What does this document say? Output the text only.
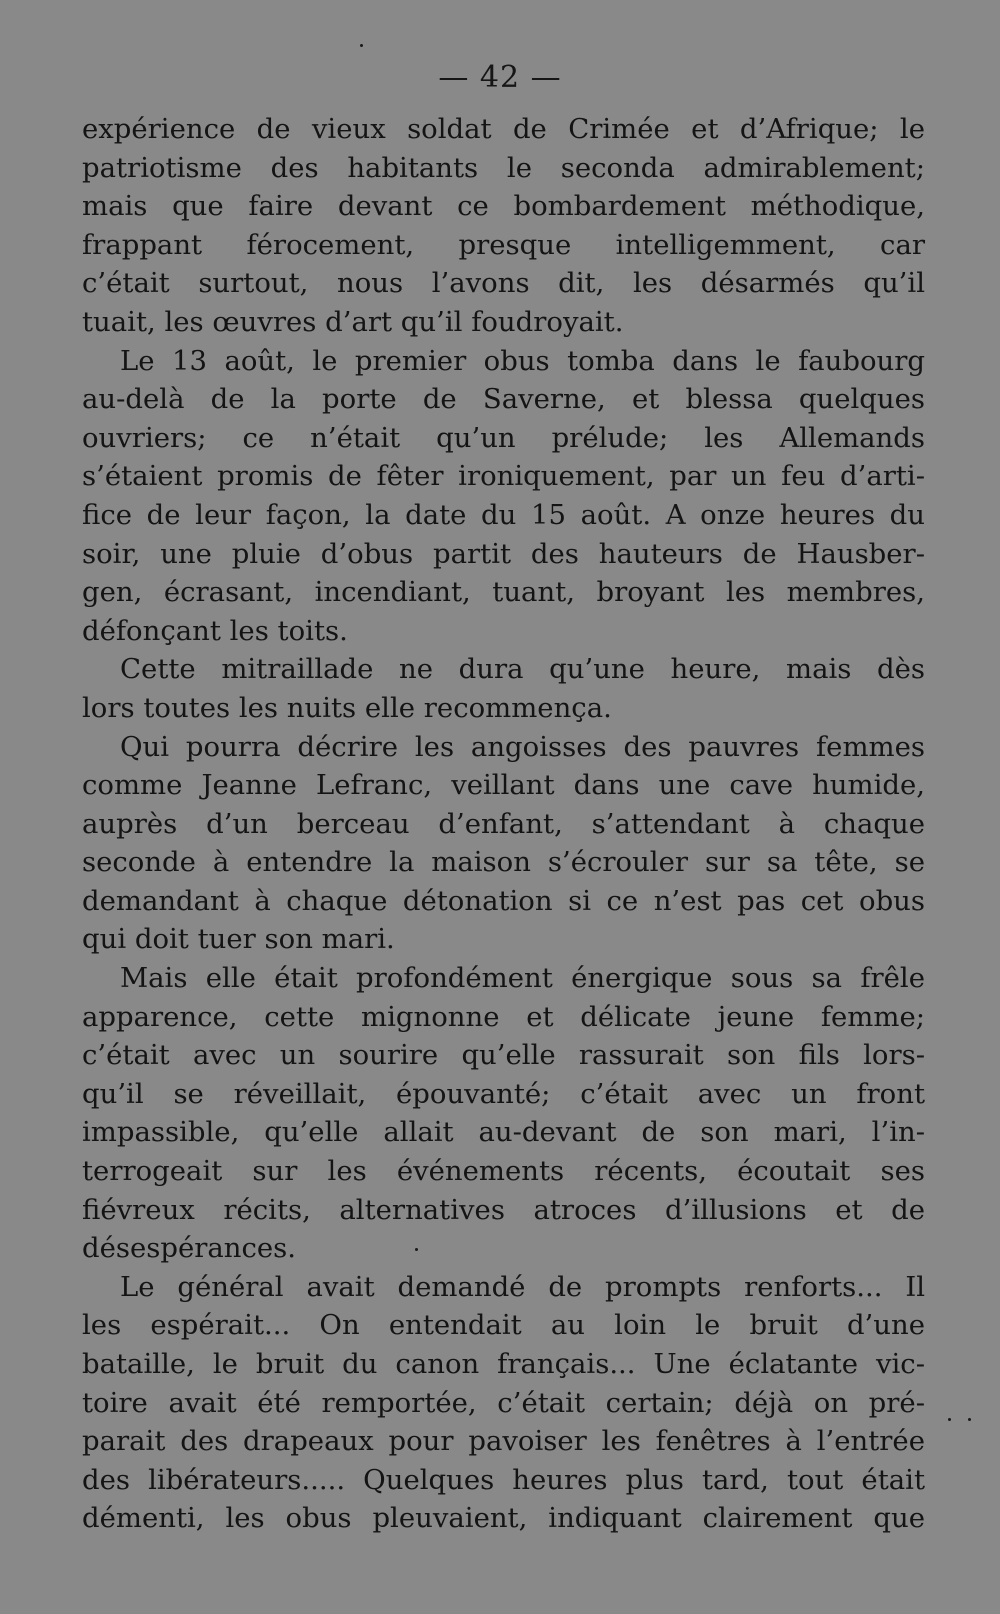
— 42 —
expérience de vieux soldat de Crimée et d’Afrique; le
patriotisme des habitants le seconda admirablement;
mais que faire devant ce bombardement méthodique,
frappant férocement, presque intelligemment, car
c’était surtout, nous l’avons dit, les désarmés qu’il
tuait, les œuvres d’art qu’il foudroyait.
Le 13 août, le premier obus tomba dans le faubourg
au-delà de la porte de Saverne, et blessa quelques
ouvriers; ce n’était qu’un prélude; les Allemands
s’étaient promis de fêter ironiquement, par un feu d’arti-
fice de leur façon, la date du 15 août. A onze heures du
soir, une pluie d’obus partit des hauteurs de Hausber-
gen, écrasant, incendiant, tuant, broyant les membres,
défonçant les toits.
Cette mitraillade ne dura qu’une heure, mais dès
lors toutes les nuits elle recommença.
Qui pourra décrire les angoisses des pauvres femmes
comme Jeanne Lefranc, veillant dans une cave humide,
auprès d’un berceau d’enfant, s’attendant à chaque
seconde à entendre la maison s’écrouler sur sa tête, se
demandant à chaque détonation si ce n’est pas cet obus
qui doit tuer son mari.
Mais elle était profondément énergique sous sa frêle
apparence, cette mignonne et délicate jeune femme;
c’était avec un sourire qu’elle rassurait son fils lors-
qu’il se réveillait, épouvanté; c’était avec un front
impassible, qu’elle allait au-devant de son mari, l’in-
terrogeait sur les événements récents, écoutait ses
fiévreux récits, alternatives atroces d’illusions et de
désespérances.
Le général avait demandé de prompts renforts... Il
les espérait... On entendait au loin le bruit d’une
bataille, le bruit du canon français... Une éclatante vic-
toire avait été remportée, c’était certain; déjà on pré-
parait des drapeaux pour pavoiser les fenêtres à l’entrée
des libérateurs..... Quelques heures plus tard, tout était
démenti, les obus pleuvaient, indiquant clairement que
